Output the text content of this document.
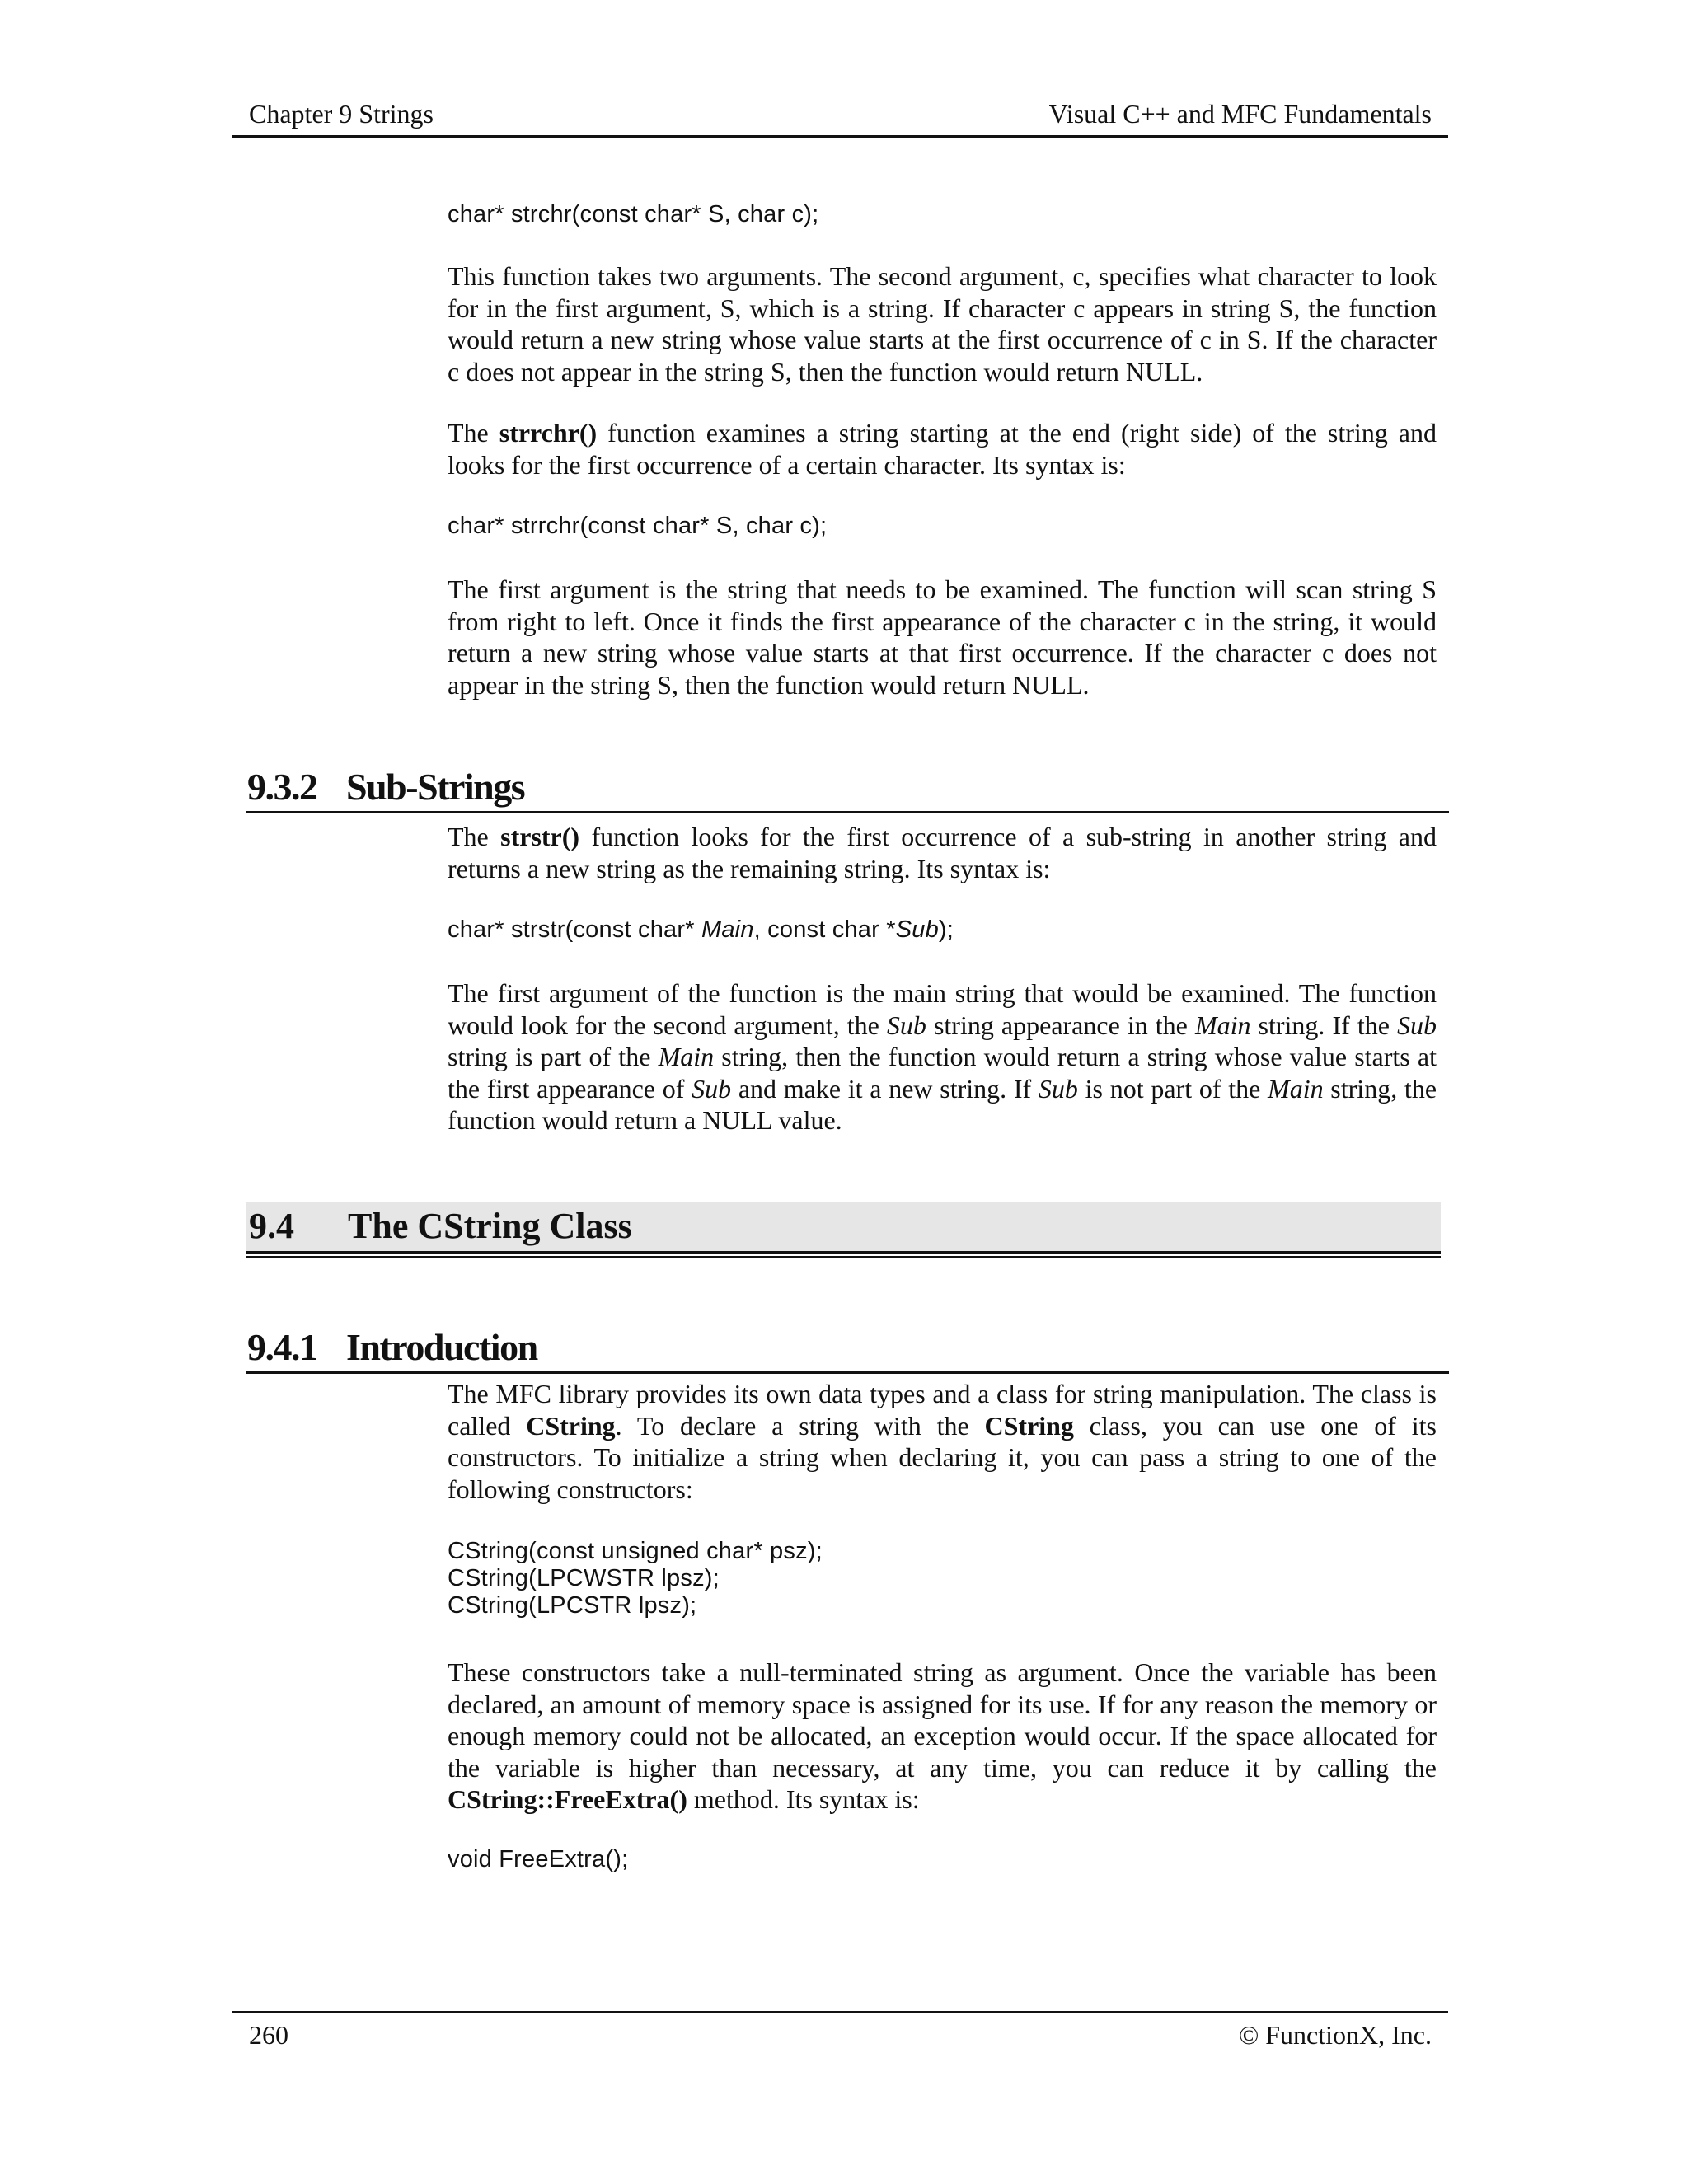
Chapter 9 Strings	Visual C++ and MFC Fundamentals
char* strchr(const char* S, char c);

This function takes two arguments. The second argument, c, specifies what character to look for in the first argument, S, which is a string. If character c appears in string S, the function would return a new string whose value starts at the first occurrence of c in S. If the character c does not appear in the string S, then the function would return NULL.

The strrchr() function examines a string starting at the end (right side) of the string and looks for the first occurrence of a certain character. Its syntax is:

char* strrchr(const char* S, char c);

The first argument is the string that needs to be examined. The function will scan string S from right to left. Once it finds the first appearance of the character c in the string, it would return a new string whose value starts at that first occurrence. If the character c does not appear in the string S, then the function would return NULL.

9.3.2 Sub-Strings

The strstr() function looks for the first occurrence of a sub-string in another string and returns a new string as the remaining string. Its syntax is:

char* strstr(const char* Main, const char *Sub);

The first argument of the function is the main string that would be examined. The function would look for the second argument, the Sub string appearance in the Main string. If the Sub string is part of the Main string, then the function would return a string whose value starts at the first appearance of Sub and make it a new string. If Sub is not part of the Main string, the function would return a NULL value.

9.4 The CString Class
9.4.1 Introduction

The MFC library provides its own data types and a class for string manipulation. The class is called CString. To declare a string with the CString class, you can use one of its constructors. To initialize a string when declaring it, you can pass a string to one of the following constructors:

CString(const unsigned char* psz);
CString(LPCWSTR lpsz);
CString(LPCSTR lpsz);

These constructors take a null-terminated string as argument. Once the variable has been declared, an amount of memory space is assigned for its use. If for any reason the memory or enough memory could not be allocated, an exception would occur. If the space allocated for the variable is higher than necessary, at any time, you can reduce it by calling the CString::FreeExtra() method. Its syntax is:

void FreeExtra();
260	© FunctionX, Inc.
